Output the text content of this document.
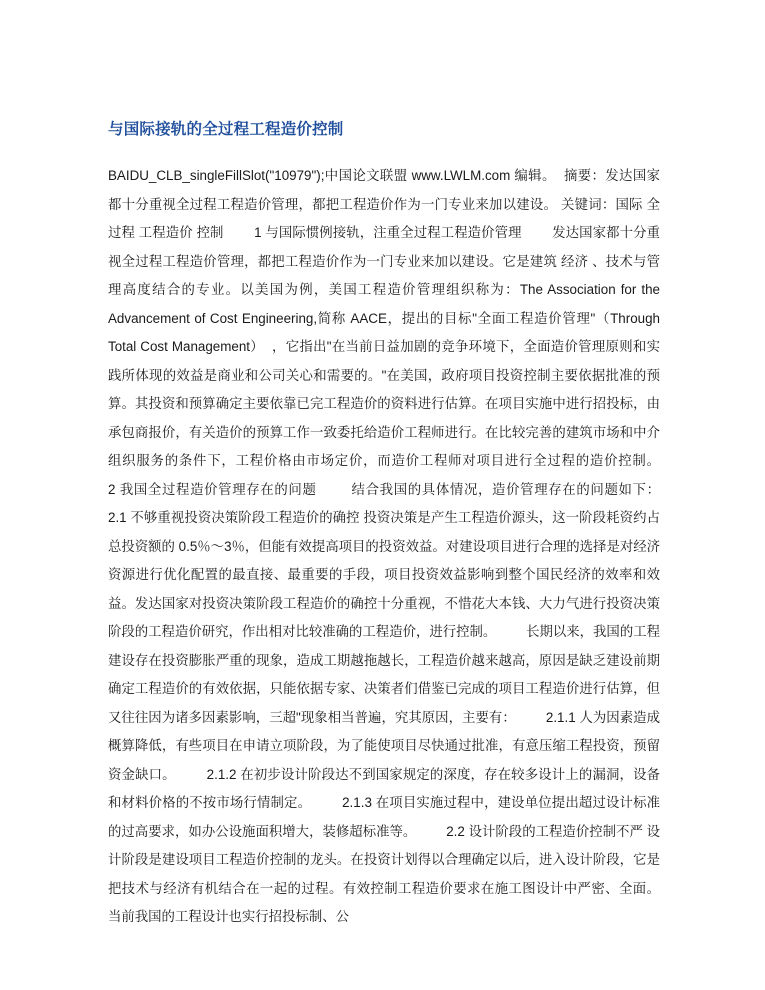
与国际接轨的全过程工程造价控制

BAIDU_CLB_singleFillSlot("10979");中国论文联盟 www.LWLM.com 编辑。  摘要：发达国家都十分重视全过程工程造价管理，都把工程造价作为一门专业来加以建设。 关键词：国际 全过程 工程造价 控制        1 与国际惯例接轨，注重全过程工程造价管理        发达国家都十分重视全过程工程造价管理，都把工程造价作为一门专业来加以建设。它是建筑 经济 、技术与管理高度结合的专业。以美国为例，美国工程造价管理组织称为：The Association for the Advancement of Cost Engineering,简称 AACE，提出的目标"全面工程造价管理"（Through Total Cost Management）  ，它指出"在当前日益加剧的竞争环境下，全面造价管理原则和实践所体现的效益是商业和公司关心和需要的。"在美国，政府项目投资控制主要依据批准的预算。其投资和预算确定主要依靠已完工程造价的资料进行估算。在项目实施中进行招投标，由承包商报价，有关造价的预算工作一致委托给造价工程师进行。在比较完善的建筑市场和中介组织服务的条件下，工程价格由市场定价，而造价工程师对项目进行全过程的造价控制。        2 我国全过程造价管理存在的问题        结合我国的具体情况，造价管理存在的问题如下：        2.1 不够重视投资决策阶段工程造价的确控 投资决策是产生工程造价源头，这一阶段耗资约占总投资额的 0.5％～3％，但能有效提高项目的投资效益。对建设项目进行合理的选择是对经济资源进行优化配置的最直接、最重要的手段，项目投资效益影响到整个国民经济的效率和效益。发达国家对投资决策阶段工程造价的确控十分重视，不惜花大本钱、大力气进行投资决策阶段的工程造价研究，作出相对比较准确的工程造价，进行控制。        长期以来，我国的工程建设存在投资膨胀严重的现象，造成工期越拖越长，工程造价越来越高，原因是缺乏建设前期确定工程造价的有效依据，只能依据专家、决策者们借鉴已完成的项目工程造价进行估算，但又往往因为诸多因素影响，三超"现象相当普遍，究其原因，主要有：        2.1.1 人为因素造成概算降低，有些项目在申请立项阶段，为了能使项目尽快通过批准，有意压缩工程投资，预留资金缺口。        2.1.2 在初步设计阶段达不到国家规定的深度，存在较多设计上的漏洞，设备和材料价格的不按市场行情制定。        2.1.3 在项目实施过程中，建设单位提出超过设计标准的过高要求，如办公设施面积增大，装修超标准等。        2.2 设计阶段的工程造价控制不严 设计阶段是建设项目工程造价控制的龙头。在投资计划得以合理确定以后，进入设计阶段，它是把技术与经济有机结合在一起的过程。有效控制工程造价要求在施工图设计中严密、全面。        当前我国的工程设计也实行招投标制、公
